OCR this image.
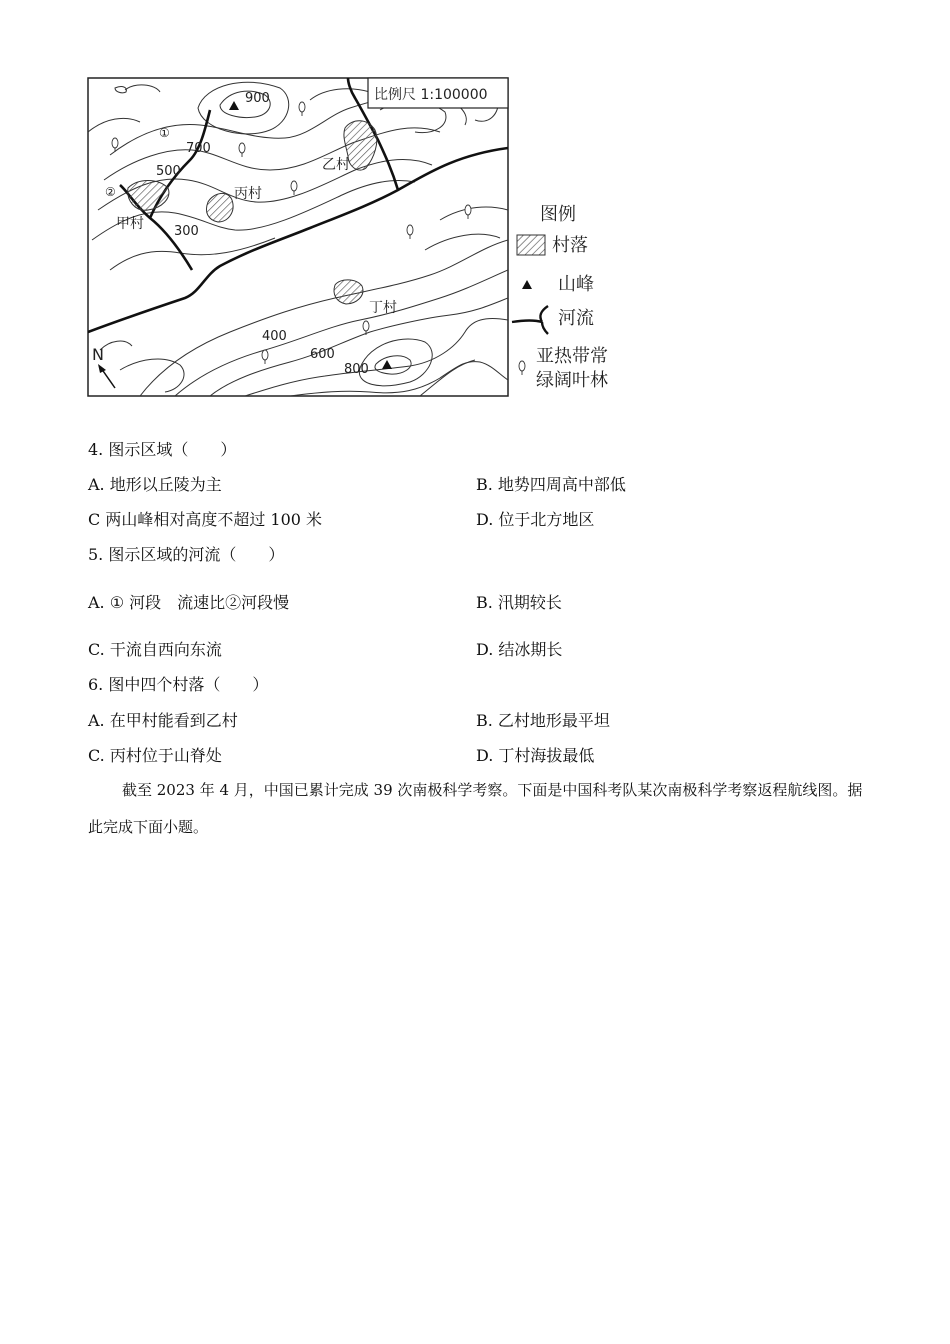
900
800
700
500
300
400
600
①
②
甲村
乙村
丙村
丁村
比例尺 1:100000
N
图例
村落
山峰
河流
亚热带常
绿阔叶林
4. 图示区域（　　）
A. 地形以丘陵为主	B. 地势四周高中部低
C 两山峰相对高度不超过 100 米	D. 位于北方地区
5. 图示区域的河流（　　）
A. ① 河段　流速比②河段慢	B. 汛期较长
C. 干流自西向东流	D. 结冰期长
6. 图中四个村落（　　）
A. 在甲村能看到乙村	B. 乙村地形最平坦
C. 丙村位于山脊处	D. 丁村海拔最低
截至 2023 年 4 月，中国已累计完成 39 次南极科学考察。下面是中国科考队某次南极科学考察返程航线图。据此完成下面小题。
